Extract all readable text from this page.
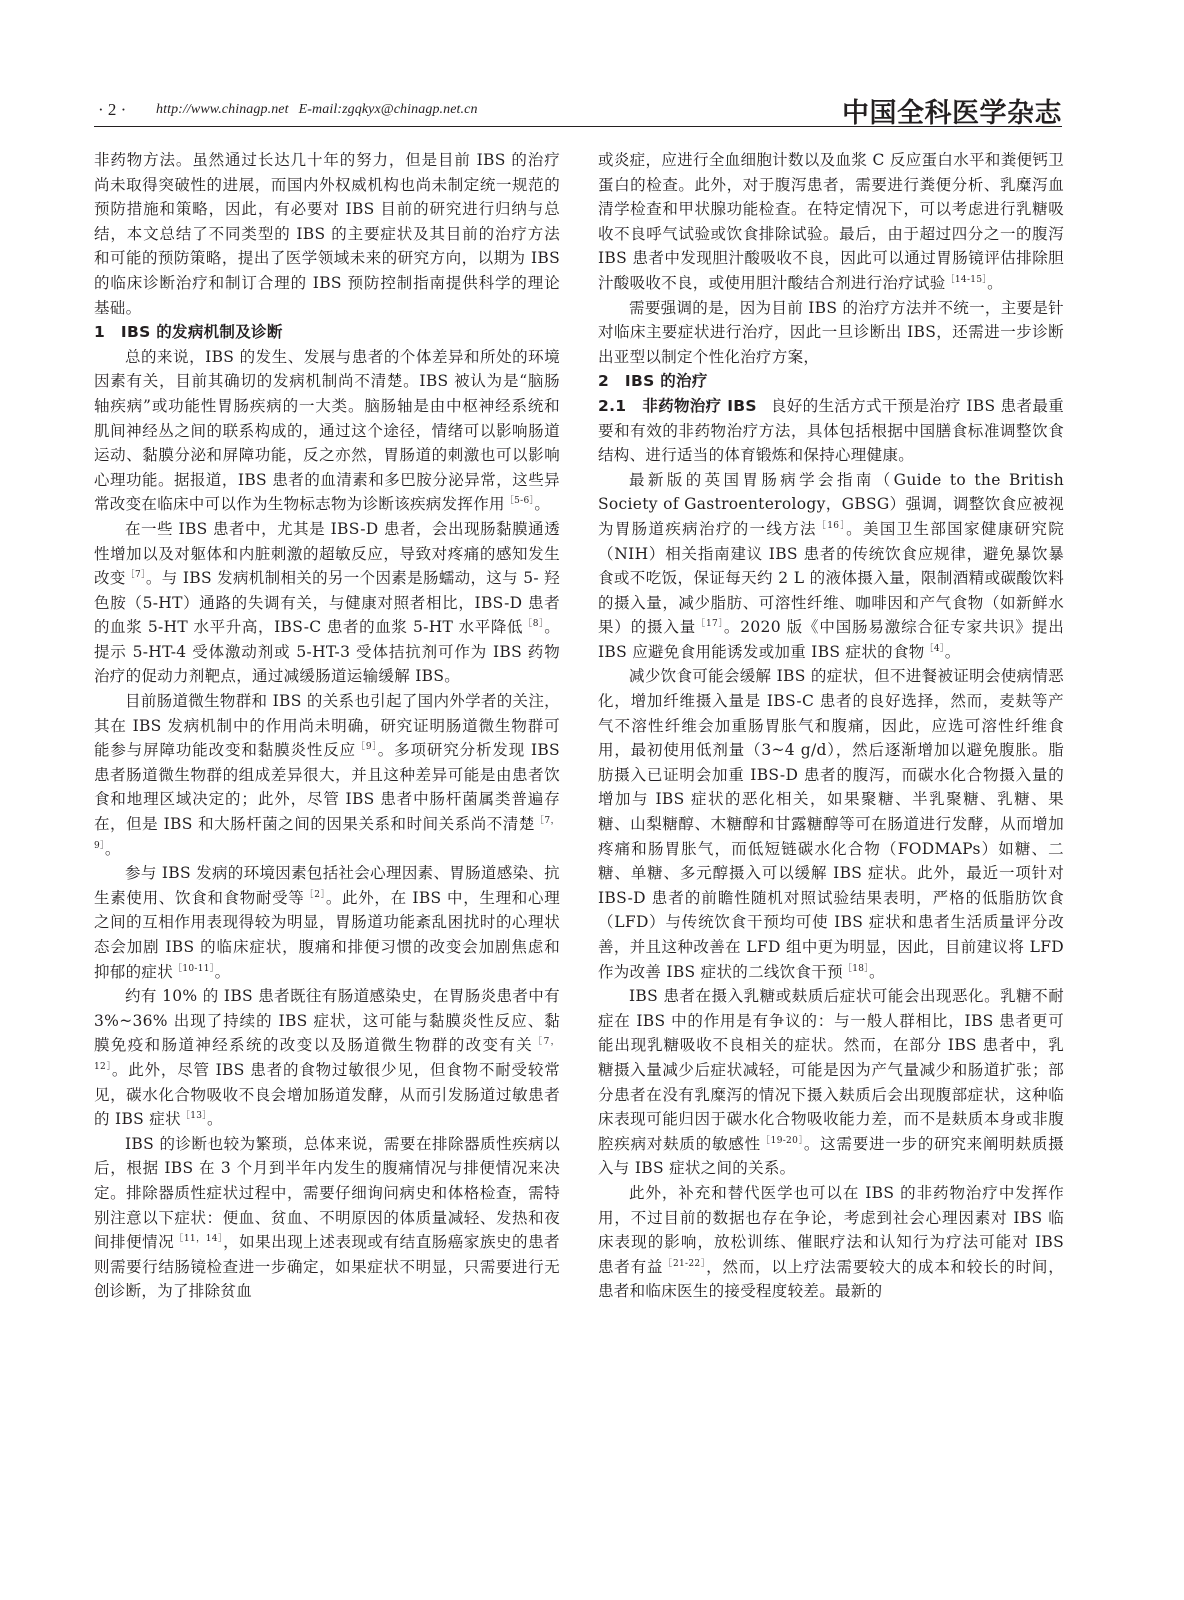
· 2 · http://www.chinagp.net E-mail:zgqkyx@chinagp.net.cn	中国全科医学杂志

非药物方法。虽然通过长达几十年的努力，但是目前 IBS 的治疗尚未取得突破性的进展，而国内外权威机构也尚未制定统一规范的预防措施和策略，因此，有必要对 IBS 目前的研究进行归纳与总结，本文总结了不同类型的 IBS 的主要症状及其目前的治疗方法和可能的预防策略，提出了医学领域未来的研究方向，以期为 IBS 的临床诊断治疗和制订合理的 IBS 预防控制指南提供科学的理论基础。

1　IBS 的发病机制及诊断

总的来说，IBS 的发生、发展与患者的个体差异和所处的环境因素有关，目前其确切的发病机制尚不清楚。IBS 被认为是“脑肠轴疾病”或功能性胃肠疾病的一大类。脑肠轴是由中枢神经系统和肌间神经丛之间的联系构成的，通过这个途径，情绪可以影响肠道运动、黏膜分泌和屏障功能，反之亦然，胃肠道的刺激也可以影响心理功能。据报道，IBS 患者的血清素和多巴胺分泌异常，这些异常改变在临床中可以作为生物标志物为诊断该疾病发挥作用$^{[5-6]}$。

在一些 IBS 患者中，尤其是 IBS-D 患者，会出现肠黏膜通透性增加以及对躯体和内脏刺激的超敏反应，导致对疼痛的感知发生改变$^{[7]}$。与 IBS 发病机制相关的另一个因素是肠蠕动，这与 5- 羟色胺（5-HT）通路的失调有关，与健康对照者相比，IBS-D 患者的血浆 5-HT 水平升高，IBS-C 患者的血浆 5-HT 水平降低$^{[8]}$。提示 5-HT-4 受体激动剂或 5-HT-3 受体拮抗剂可作为 IBS 药物治疗的促动力剂靶点，通过减缓肠道运输缓解 IBS。

目前肠道微生物群和 IBS 的关系也引起了国内外学者的关注，其在 IBS 发病机制中的作用尚未明确，研究证明肠道微生物群可能参与屏障功能改变和黏膜炎性反应$^{[9]}$。多项研究分析发现 IBS 患者肠道微生物群的组成差异很大，并且这种差异可能是由患者饮食和地理区域决定的；此外，尽管 IBS 患者中肠杆菌属类普遍存在，但是 IBS 和大肠杆菌之间的因果关系和时间关系尚不清楚$^{[7,9]}$。

参与 IBS 发病的环境因素包括社会心理因素、胃肠道感染、抗生素使用、饮食和食物耐受等$^{[2]}$。此外，在 IBS 中，生理和心理之间的互相作用表现得较为明显，胃肠道功能紊乱困扰时的心理状态会加剧 IBS 的临床症状，腹痛和排便习惯的改变会加剧焦虑和抑郁的症状$^{[10-11]}$。

约有 10% 的 IBS 患者既往有肠道感染史，在胃肠炎患者中有 3%~36% 出现了持续的 IBS 症状，这可能与黏膜炎性反应、黏膜免疫和肠道神经系统的改变以及肠道微生物群的改变有关$^{[7,12]}$。此外，尽管 IBS 患者的食物过敏很少见，但食物不耐受较常见，碳水化合物吸收不良会增加肠道发酵，从而引发肠道过敏患者的 IBS 症状$^{[13]}$。

IBS 的诊断也较为繁琐，总体来说，需要在排除器质性疾病以后，根据 IBS 在 3 个月到半年内发生的腹痛情况与排便情况来决定。排除器质性症状过程中，需要仔细询问病史和体格检查，需特别注意以下症状：便血、贫血、不明原因的体质量减轻、发热和夜间排便情况$^{[11,14]}$，如果出现上述表现或有结直肠癌家族史的患者则需要行结肠镜检查进一步确定，如果症状不明显，只需要进行无创诊断，为了排除贫血

或炎症，应进行全血细胞计数以及血浆 C 反应蛋白水平和粪便钙卫蛋白的检查。此外，对于腹泻患者，需要进行粪便分析、乳糜泻血清学检查和甲状腺功能检查。在特定情况下，可以考虑进行乳糖吸收不良呼气试验或饮食排除试验。最后，由于超过四分之一的腹泻 IBS 患者中发现胆汁酸吸收不良，因此可以通过胃肠镜评估排除胆汁酸吸收不良，或使用胆汁酸结合剂进行治疗试验$^{[14-15]}$。

需要强调的是，因为目前 IBS 的治疗方法并不统一，主要是针对临床主要症状进行治疗，因此一旦诊断出 IBS，还需进一步诊断出亚型以制定个性化治疗方案，

2　IBS 的治疗

2.1　非药物治疗 IBS 良好的生活方式干预是治疗 IBS 患者最重要和有效的非药物治疗方法，具体包括根据中国膳食标准调整饮食结构、进行适当的体育锻炼和保持心理健康。

最新版的英国胃肠病学会指南（Guide to the British Society of Gastroenterology，GBSG）强调，调整饮食应被视为胃肠道疾病治疗的一线方法$^{[16]}$。美国卫生部国家健康研究院（NIH）相关指南建议 IBS 患者的传统饮食应规律，避免暴饮暴食或不吃饭，保证每天约 2 L 的液体摄入量，限制酒精或碳酸饮料的摄入量，减少脂肪、可溶性纤维、咖啡因和产气食物（如新鲜水果）的摄入量$^{[17]}$。2020 版《中国肠易激综合征专家共识》提出 IBS 应避免食用能诱发或加重 IBS 症状的食物$^{[4]}$。

减少饮食可能会缓解 IBS 的症状，但不进餐被证明会使病情恶化，增加纤维摄入量是 IBS-C 患者的良好选择，然而，麦麸等产气不溶性纤维会加重肠胃胀气和腹痛，因此，应选可溶性纤维食用，最初使用低剂量（3~4 g/d），然后逐渐增加以避免腹胀。脂肪摄入已证明会加重 IBS-D 患者的腹泻，而碳水化合物摄入量的增加与 IBS 症状的恶化相关，如果聚糖、半乳聚糖、乳糖、果糖、山梨糖醇、木糖醇和甘露糖醇等可在肠道进行发酵，从而增加疼痛和肠胃胀气，而低短链碳水化合物（FODMAPs）如糖、二糖、单糖、多元醇摄入可以缓解 IBS 症状。此外，最近一项针对 IBS-D 患者的前瞻性随机对照试验结果表明，严格的低脂肪饮食（LFD）与传统饮食干预均可使 IBS 症状和患者生活质量评分改善，并且这种改善在 LFD 组中更为明显，因此，目前建议将 LFD 作为改善 IBS 症状的二线饮食干预$^{[18]}$。

IBS 患者在摄入乳糖或麸质后症状可能会出现恶化。乳糖不耐症在 IBS 中的作用是有争议的：与一般人群相比，IBS 患者更可能出现乳糖吸收不良相关的症状。然而，在部分 IBS 患者中，乳糖摄入量减少后症状减轻，可能是因为产气量减少和肠道扩张；部分患者在没有乳糜泻的情况下摄入麸质后会出现腹部症状，这种临床表现可能归因于碳水化合物吸收能力差，而不是麸质本身或非腹腔疾病对麸质的敏感性$^{[19-20]}$。这需要进一步的研究来阐明麸质摄入与 IBS 症状之间的关系。

此外，补充和替代医学也可以在 IBS 的非药物治疗中发挥作用，不过目前的数据也存在争论，考虑到社会心理因素对 IBS 临床表现的影响，放松训练、催眠疗法和认知行为疗法可能对 IBS 患者有益$^{[21-22]}$，然而，以上疗法需要较大的成本和较长的时间，患者和临床医生的接受程度较差。最新的
